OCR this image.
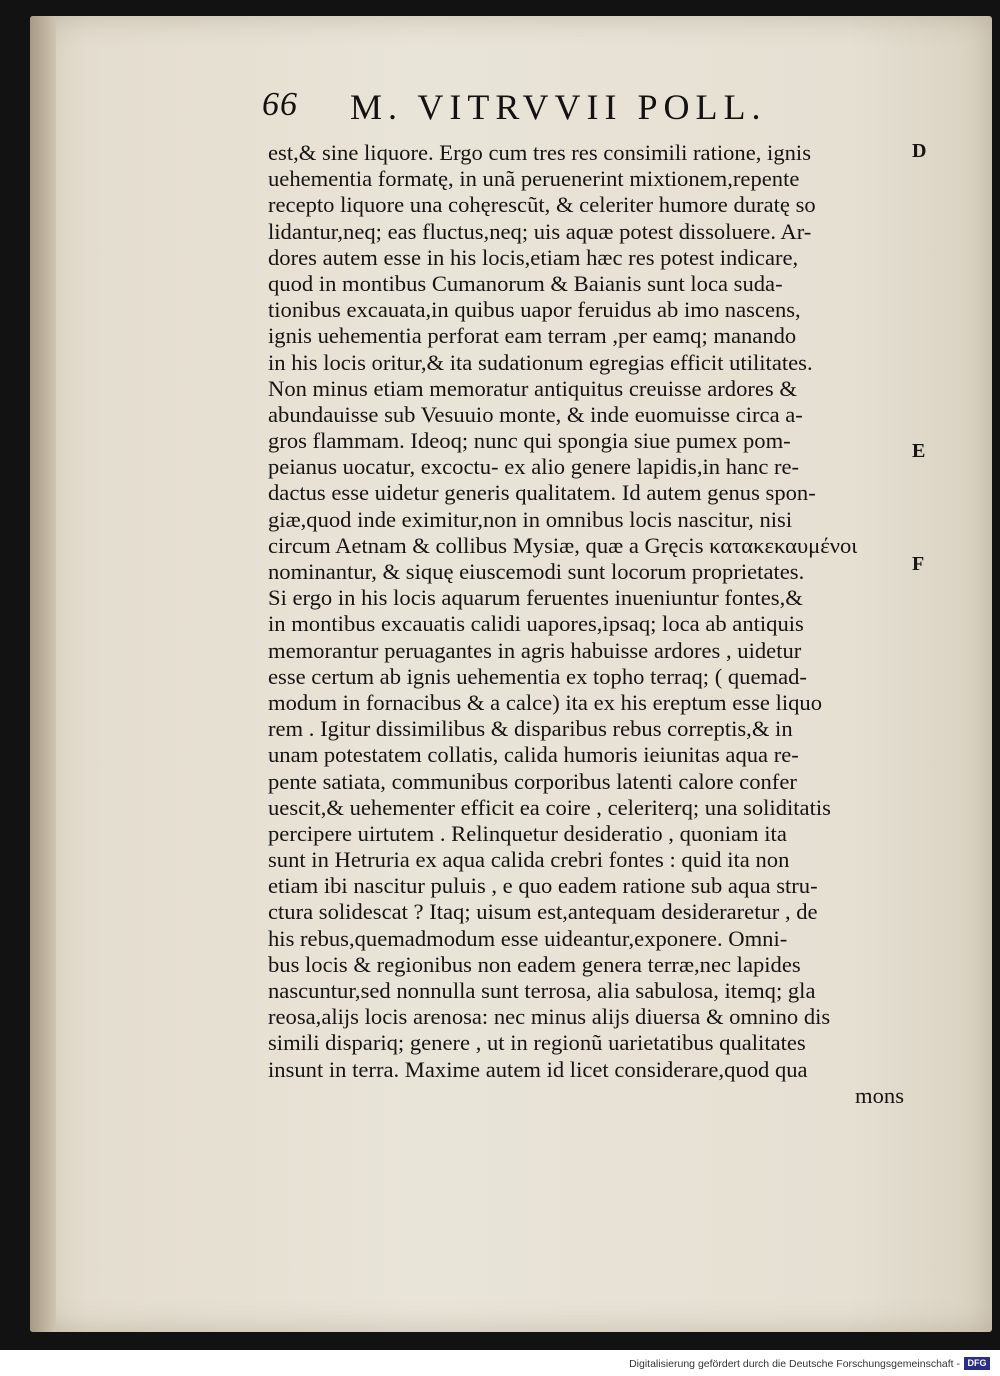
66 M. VITRVVII POLL.
est,& sine liquore. Ergo cum tres res consimili ratione, ignis
uehementia formatę, in unã peruenerint mixtionem,repente
recepto liquore una cohęrescũt, & celeriter humore duratę so
lidantur,neq; eas fluctus,neq; uis aquæ potest dissoluere. Ar-
dores autem esse in his locis,etiam hæc res potest indicare,
quod in montibus Cumanorum & Baianis sunt loca suda-
tionibus excauata,in quibus uapor feruidus ab imo nascens,
ignis uehementia perforat eam terram ,per eamq; manando
in his locis oritur,& ita sudationum egregias efficit utilitates.
Non minus etiam memoratur antiquitus creuisse ardores &
abundauisse sub Vesuuio monte, & inde euomuisse circa a-
gros flammam. Ideoq; nunc qui spongia siue pumex pom-
peianus uocatur, excoctu- ex alio genere lapidis,in hanc re-
dactus esse uidetur generis qualitatem. Id autem genus spon-
giæ,quod inde eximitur,non in omnibus locis nascitur, nisi
circum Aetnam & collibus Mysiæ, quæ a Gręcis κατακεκαυμένοι
nominantur, & siquę eiuscemodi sunt locorum proprietates.
Si ergo in his locis aquarum feruentes inueniuntur fontes,&
in montibus excauatis calidi uapores,ipsaq; loca ab antiquis
memorantur peruagantes in agris habuisse ardores , uidetur
esse certum ab ignis uehementia ex topho terraq; ( quemad-
modum in fornacibus & a calce) ita ex his ereptum esse liquo
rem . Igitur dissimilibus & disparibus rebus correptis,& in
unam potestatem collatis, calida humoris ieiunitas aqua re-
pente satiata, communibus corporibus latenti calore confer
uescit,& uehementer efficit ea coire , celeriterq; una soliditatis
percipere uirtutem . Relinquetur desideratio , quoniam ita
sunt in Hetruria ex aqua calida crebri fontes : quid ita non
etiam ibi nascitur puluis , e quo eadem ratione sub aqua stru-
ctura solidescat ? Itaq; uisum est,antequam desideraretur , de
his rebus,quemadmodum esse uideantur,exponere. Omni-
bus locis & regionibus non eadem genera terræ,nec lapides
nascuntur,sed nonnulla sunt terrosa, alia sabulosa, itemq; gla
reosa,alijs locis arenosa: nec minus alijs diuersa & omnino dis
simili dispariq; genere , ut in regionũ uarietatibus qualitates
insunt in terra. Maxime autem id licet considerare,quod qua
mons
D
E
F
Digitalisierung gefördert durch die Deutsche Forschungsgemeinschaft - DFG
